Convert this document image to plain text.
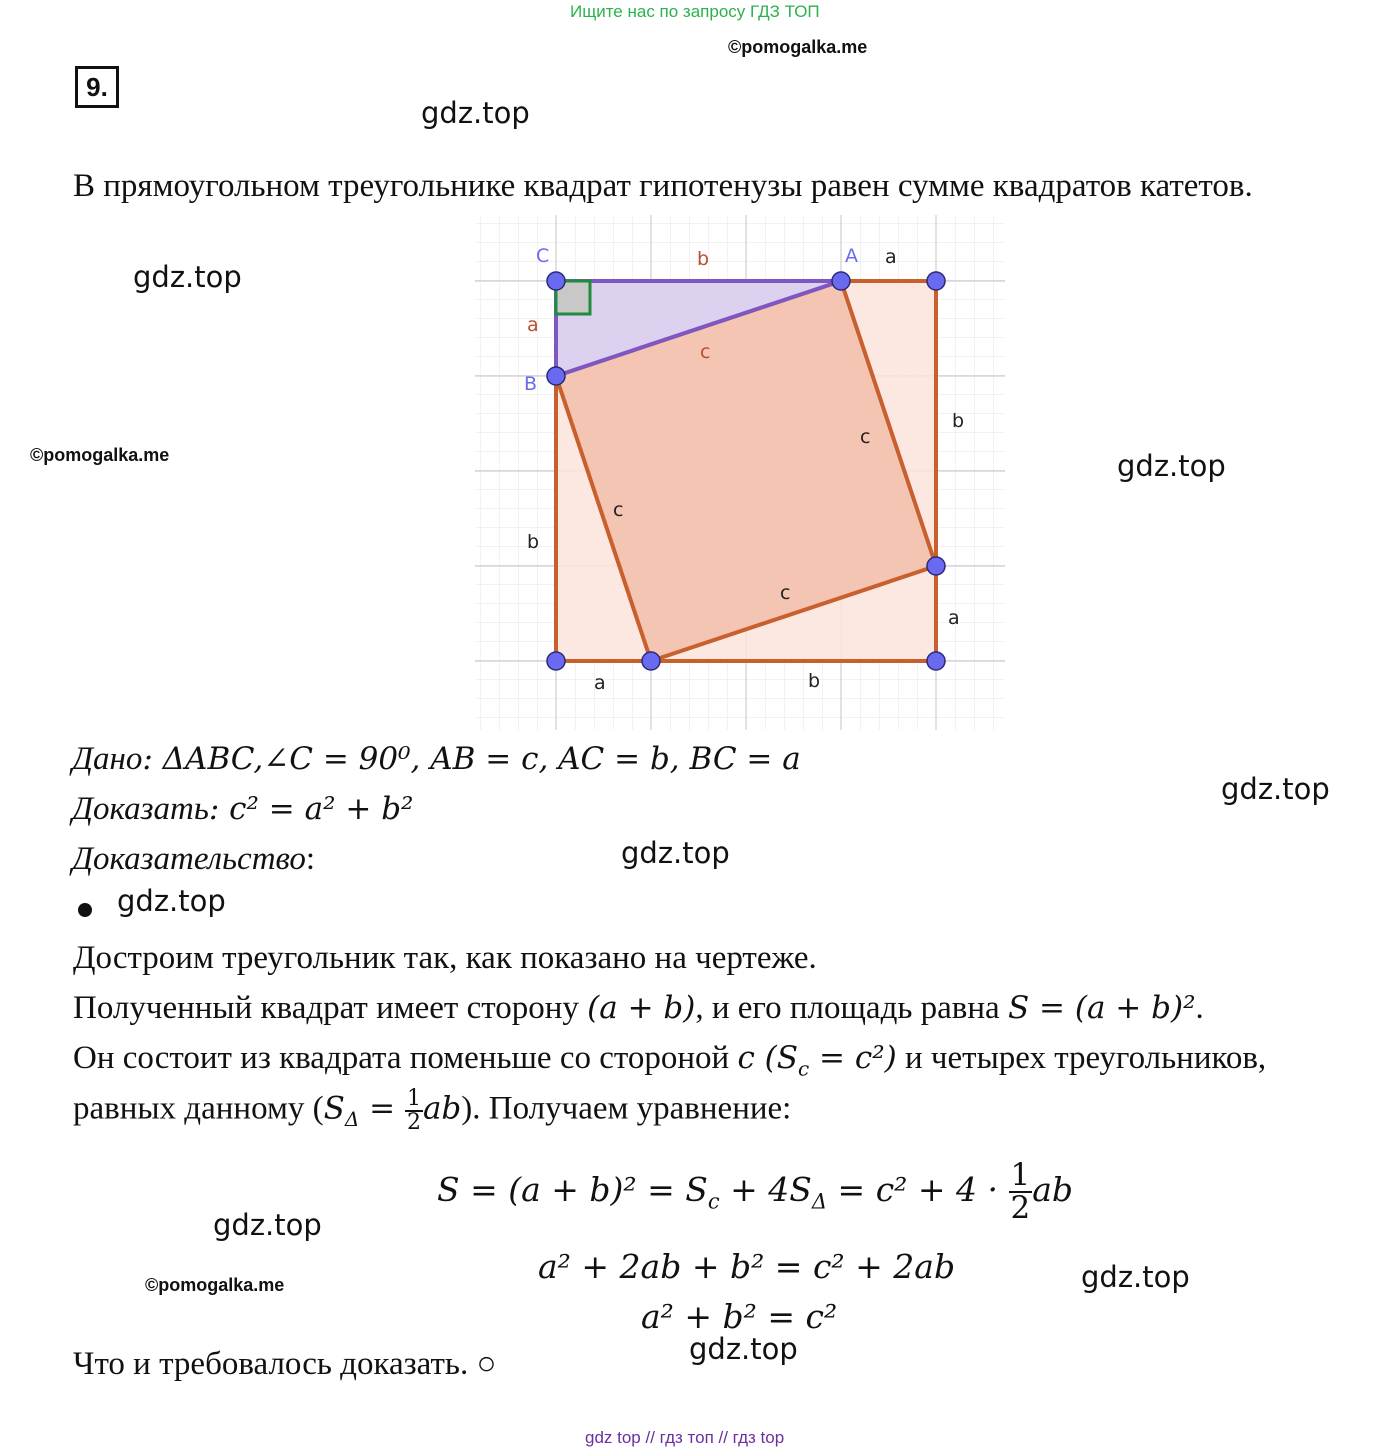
Ищите нас по запросу ГДЗ ТОП
©pomogalka.me
gdz.top
gdz.top
©pomogalka.me	gdz.top
gdz.top
gdz.top
gdz.top
gdz.top
©pomogalka.me	gdz.top
gdz.top
9.
В прямоугольном треугольнике квадрат гипотенузы равен сумме квадратов катетов.
C	A
B
b
a
c
a
b
c
c
b
c
a
a	b
Дано: ΔABC,∠C = 90⁰, AB = c, AC = b, BC = a
Доказать: c² = a² + b²
Доказательство:
Достроим треугольник так, как показано на чертеже.
Полученный квадрат имеет сторону (a + b), и его площадь равна S = (a + b)².
Он состоит из квадрата поменьше со стороной c $(S_c = c^2)$ и четырех треугольников,
равных данному $(S_\Delta = \frac{1}{2} ab)$. Получаем уравнение:
$S = (a + b)^2 = S_c + 4S_\Delta = c^2 + 4 \cdot \frac{1}{2}$ ab
a² + 2ab + b² = c² + 2ab
a² + b² = c²
Что и требовалось доказать. ○
gdz top // гдз топ // гдз top
